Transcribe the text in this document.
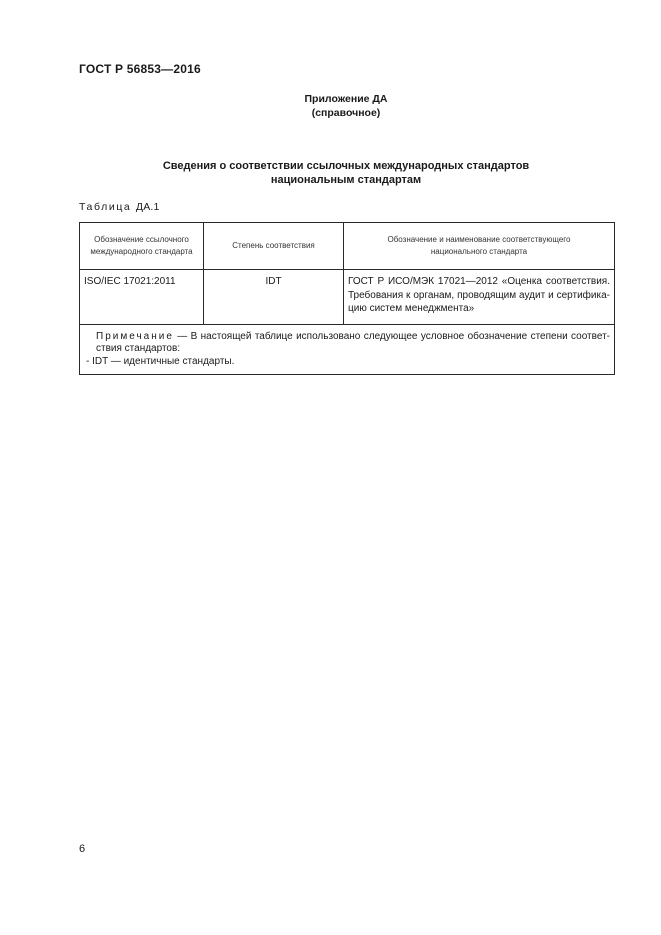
ГОСТ Р 56853—2016
Приложение ДА
(справочное)
Сведения о соответствии ссылочных международных стандартов
национальным стандартам
Таблица ДА.1
Обозначение ссылочного международного стандарта	Степень соответствия	Обозначение и наименование соответствующего национального стандарта

ISO/IEC 17021:2011	IDT	ГОСТ Р ИСО/МЭК 17021—2012 «Оценка соответствия. Требования к органам, проводящим аудит и сертификацию систем менеджмента»

Примечание — В настоящей таблице использовано следующее условное обозначение степени соответствия стандартов:
- IDT — идентичные стандарты.		
6
